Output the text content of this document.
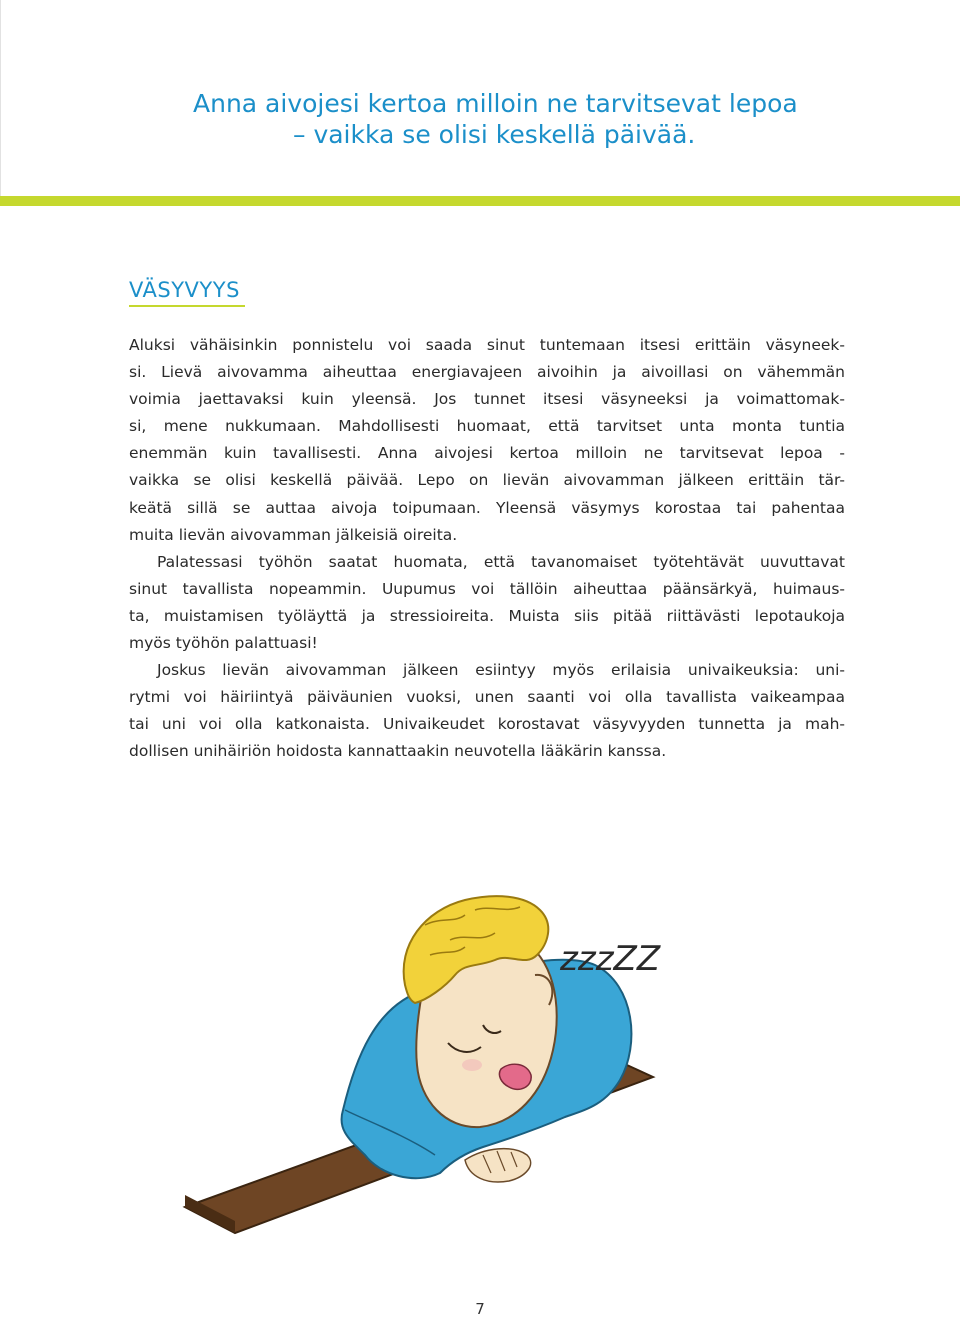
Anna aivojesi kertoa milloin ne tarvitsevat lepoa
– vaikka se olisi keskellä päivää.
VÄSYVYYS
Aluksi vähäisinkin ponnistelu voi saada sinut tuntemaan itsesi erittäin väsyneek-
si. Lievä aivovamma aiheuttaa energiavajeen aivoihin ja aivoillasi on vähemmän
voimia jaettavaksi kuin yleensä. Jos tunnet itsesi väsyneeksi ja voimattomak-
si, mene nukkumaan. Mahdollisesti huomaat, että tarvitset unta monta tuntia
enemmän kuin tavallisesti. Anna aivojesi kertoa milloin ne tarvitsevat lepoa -
vaikka se olisi keskellä päivää. Lepo on lievän aivovamman jälkeen erittäin tär-
keätä sillä se auttaa aivoja toipumaan. Yleensä väsymys korostaa tai pahentaa
muita lievän aivovamman jälkeisiä oireita.
Palatessasi työhön saatat huomata, että tavanomaiset työtehtävät uuvuttavat
sinut tavallista nopeammin. Uupumus voi tällöin aiheuttaa päänsärkyä, huimaus-
ta, muistamisen työläyttä ja stressioireita. Muista siis pitää riittävästi lepotaukoja
myös työhön palattuasi!
Joskus lievän aivovamman jälkeen esiintyy myös erilaisia univaikeuksia: uni-
rytmi voi häiriintyä päiväunien vuoksi, unen saanti voi olla tavallista vaikeampaa
tai uni voi olla katkonaista. Univaikeudet korostavat väsyvyyden tunnetta ja mah-
dollisen unihäiriön hoidosta kannattaakin neuvotella lääkärin kanssa.
zzzZZ
7
